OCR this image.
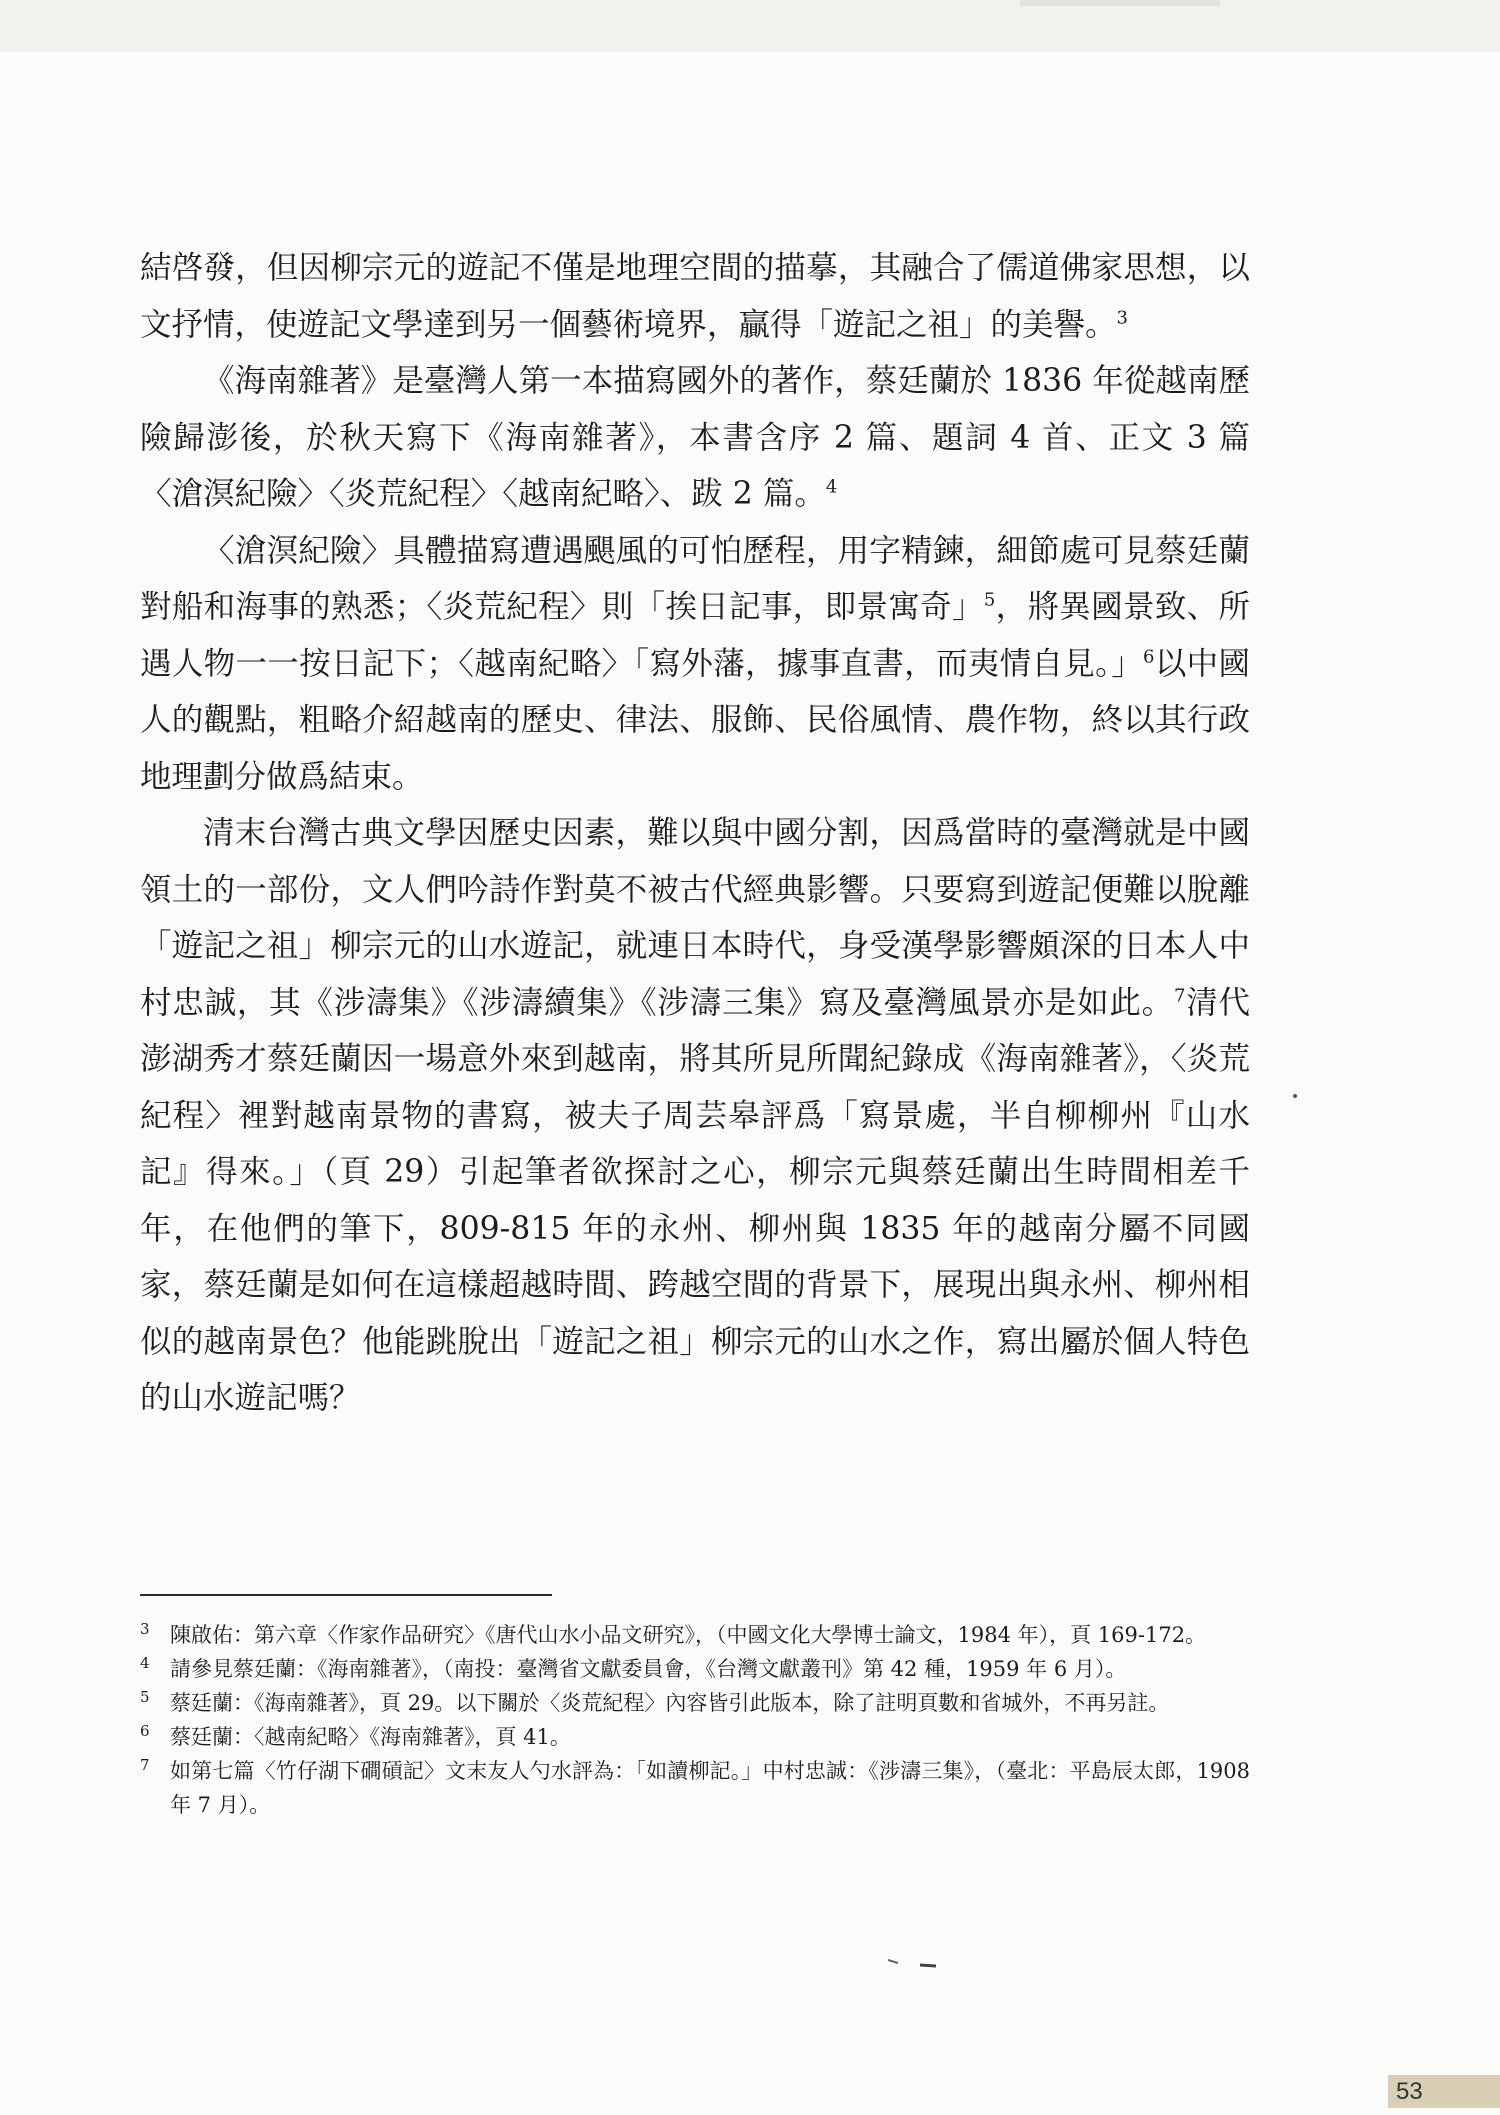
結啓發，但因柳宗元的遊記不僅是地理空間的描摹，其融合了儒道佛家思想，以文抒情，使遊記文學達到另一個藝術境界，贏得「遊記之祖」的美譽。$^3$

《海南雜著》是臺灣人第一本描寫國外的著作，蔡廷蘭於 1836 年從越南歷險歸澎後，於秋天寫下《海南雜著》，本書含序 2 篇、題詞 4 首、正文 3 篇〈滄溟紀險〉〈炎荒紀程〉〈越南紀略〉、跋 2 篇。$^4$

〈滄溟紀險〉具體描寫遭遇颶風的可怕歷程，用字精鍊，細節處可見蔡廷蘭對船和海事的熟悉；〈炎荒紀程〉則「挨日記事，即景寓奇」$^5$，將異國景致、所遇人物一一按日記下；〈越南紀略〉「寫外藩，據事直書，而夷情自見。」$^6$以中國人的觀點，粗略介紹越南的歷史、律法、服飾、民俗風情、農作物，終以其行政地理劃分做爲結束。

清末台灣古典文學因歷史因素，難以與中國分割，因爲當時的臺灣就是中國領土的一部份，文人們吟詩作對莫不被古代經典影響。只要寫到遊記便難以脫離「遊記之祖」柳宗元的山水遊記，就連日本時代，身受漢學影響頗深的日本人中村忠誠，其《涉濤集》《涉濤續集》《涉濤三集》寫及臺灣風景亦是如此。$^7$清代澎湖秀才蔡廷蘭因一場意外來到越南，將其所見所聞紀錄成《海南雜著》，〈炎荒紀程〉裡對越南景物的書寫，被夫子周芸皋評爲「寫景處，半自柳柳州『山水記』得來。」（頁 29）引起筆者欲探討之心，柳宗元與蔡廷蘭出生時間相差千年，在他們的筆下，809-815 年的永州、柳州與 1835 年的越南分屬不同國家，蔡廷蘭是如何在這樣超越時間、跨越空間的背景下，展現出與永州、柳州相似的越南景色？他能跳脫出「遊記之祖」柳宗元的山水之作，寫出屬於個人特色的山水遊記嗎？

3 陳啟佑：第六章〈作家作品研究〉《唐代山水小品文研究》，（中國文化大學博士論文，1984 年），頁 169-172。
4 請參見蔡廷蘭：《海南雜著》，（南投：臺灣省文獻委員會，《台灣文獻叢刊》第 42 種，1959 年 6 月）。
5 蔡廷蘭：《海南雜著》，頁 29。以下關於〈炎荒紀程〉內容皆引此版本，除了註明頁數和省城外，不再另註。
6 蔡廷蘭：〈越南紀略〉《海南雜著》，頁 41。
7 如第七篇〈竹仔湖下磵碽記〉文末友人勺水評為：「如讀柳記。」中村忠誠：《涉濤三集》，（臺北：平島辰太郎，1908 年 7 月）。
53
